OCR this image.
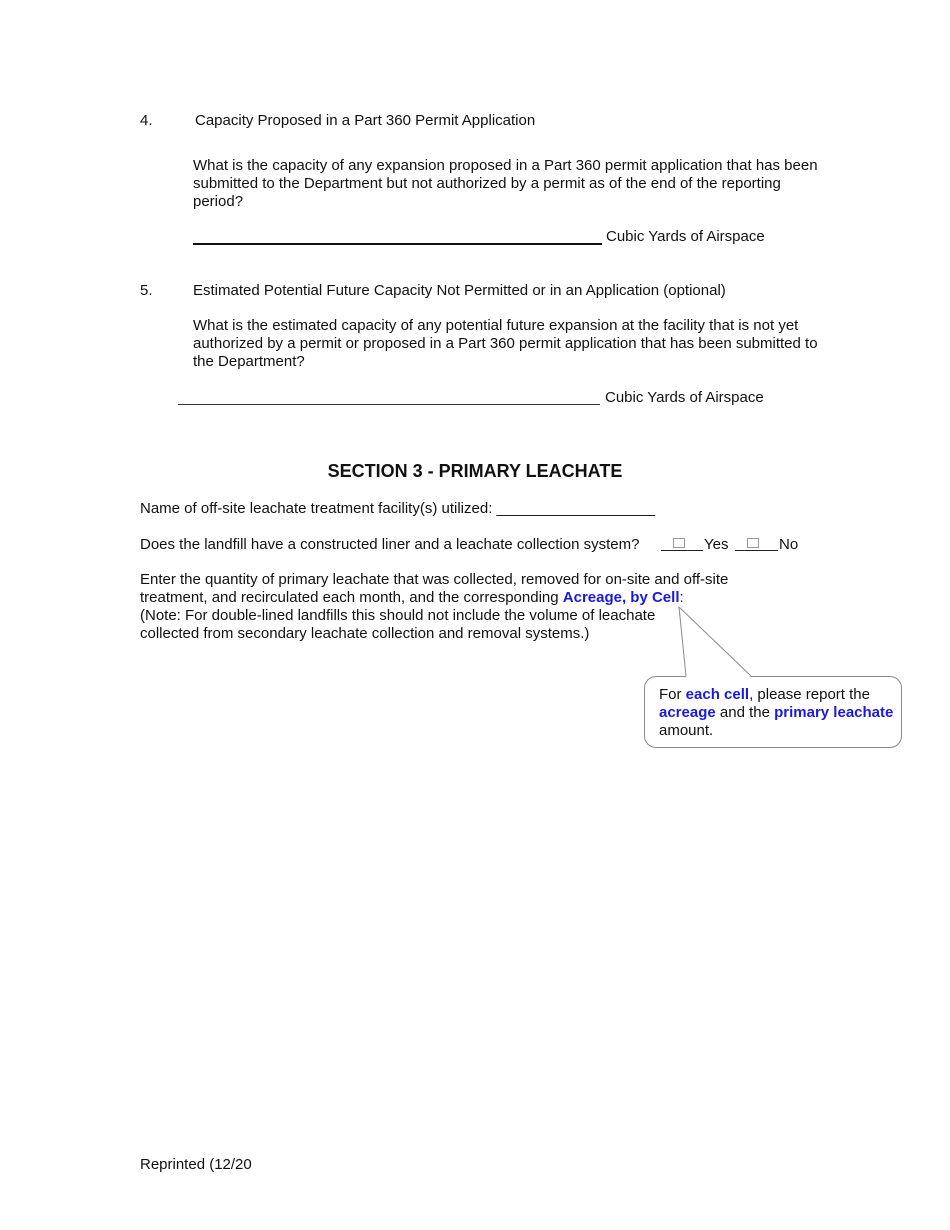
4.	Capacity Proposed in a Part 360 Permit Application
What is the capacity of any expansion proposed in a Part 360 permit application that has been submitted to the Department but not authorized by a permit as of the end of the reporting period?
Cubic Yards of Airspace
5.	Estimated Potential Future Capacity Not Permitted or in an Application (optional)
What is the estimated capacity of any potential future expansion at the facility that is not yet authorized by a permit or proposed in a Part 360 permit application that has been submitted to the Department?
Cubic Yards of Airspace
SECTION 3 - PRIMARY LEACHATE
Name of off-site leachate treatment facility(s) utilized: ___________________
Does the landfill have a constructed liner and a leachate collection system?	Yes	No
Enter the quantity of primary leachate that was collected, removed for on-site and off-site treatment, and recirculated each month, and the corresponding Acreage, by Cell:
(Note: For double-lined landfills this should not include the volume of leachate
collected from secondary leachate collection and removal systems.)
For each cell, please report the acreage and the primary leachate amount.
Reprinted (12/20
